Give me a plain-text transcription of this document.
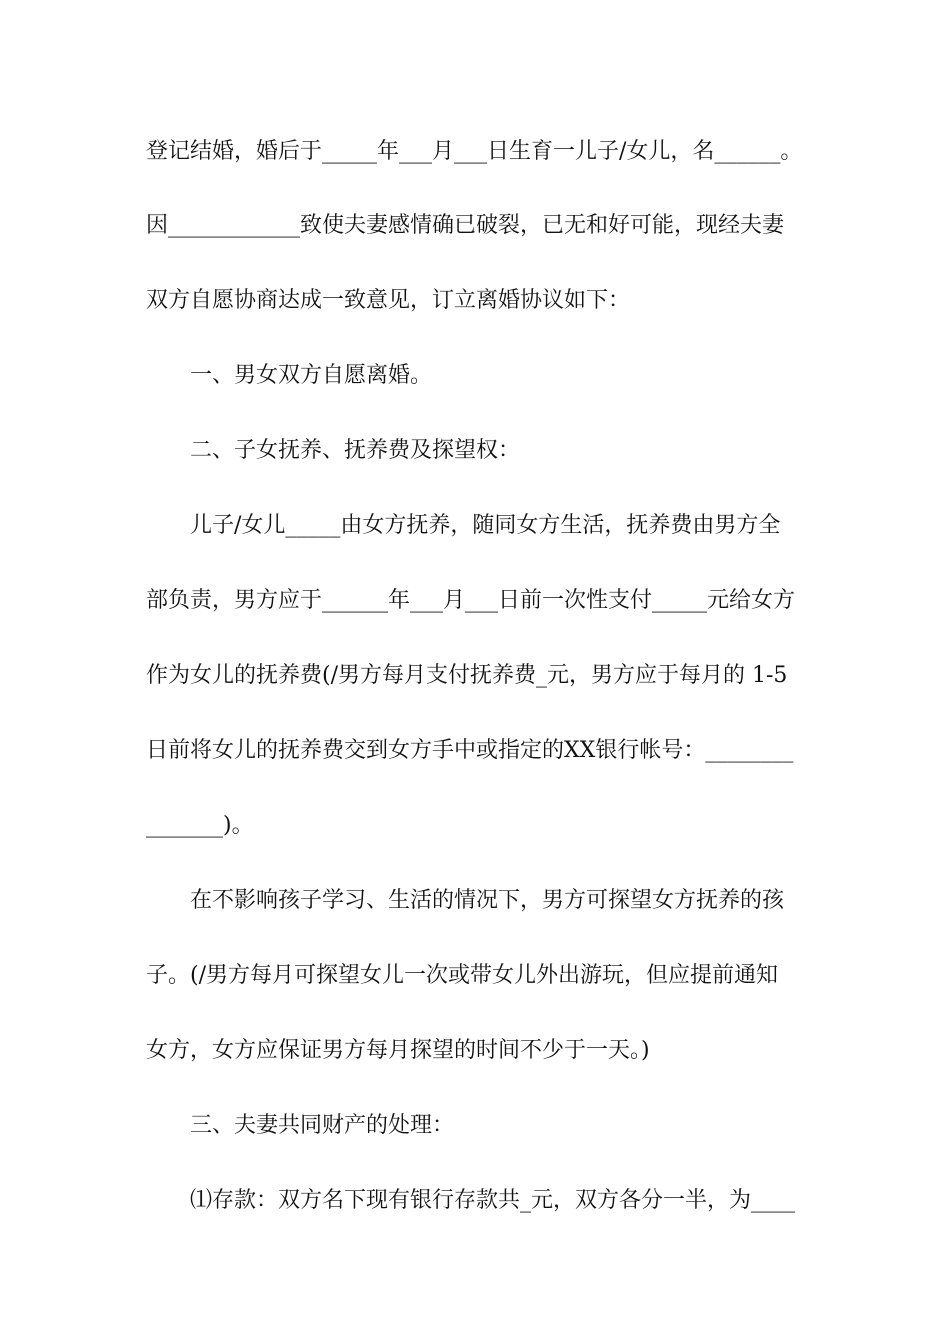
登记结婚，婚后于_____年___月___日生育一儿子/女儿，名______。
因____________致使夫妻感情确已破裂，已无和好可能，现经夫妻
双方自愿协商达成一致意见，订立离婚协议如下：
一、男女双方自愿离婚。
二、子女抚养、抚养费及探望权：
儿子/女儿_____由女方抚养，随同女方生活，抚养费由男方全
部负责，男方应于______年___月___日前一次性支付_____元给女方
作为女儿的抚养费(/男方每月支付抚养费_元，男方应于每月的 1-5
日前将女儿的抚养费交到女方手中或指定的XX银行帐号：________
_______)。
在不影响孩子学习、生活的情况下，男方可探望女方抚养的孩
子。(/男方每月可探望女儿一次或带女儿外出游玩，但应提前通知
女方，女方应保证男方每月探望的时间不少于一天。)
三、夫妻共同财产的处理：
⑴存款：双方名下现有银行存款共_元，双方各分一半，为____
